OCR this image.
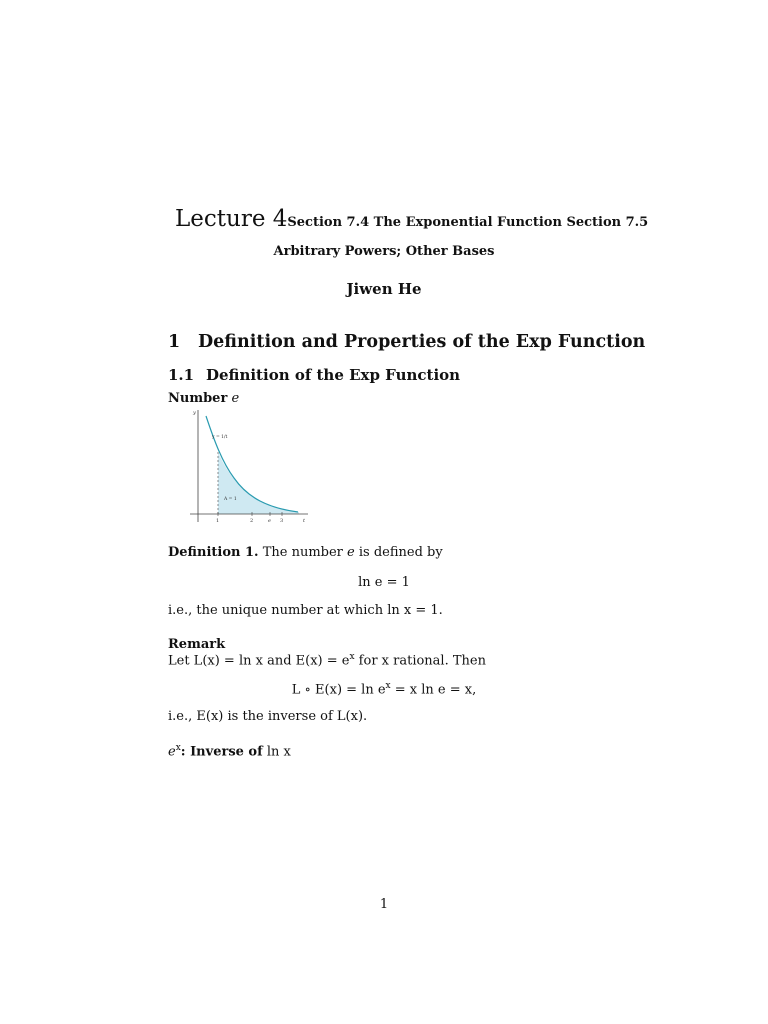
Lecture 4Section 7.4 The Exponential Function Section 7.5
Arbitrary Powers; Other Bases
Jiwen He
1 Definition and Properties of the Exp Function
1.1 Definition of the Exp Function
Number e
y
t
y = 1/t
A = 1
1	2	e 3
Definition 1. The number e is defined by
ln e = 1
i.e., the unique number at which ln x = 1.
Remark
Let L(x) = ln x and $E(x) = e^x$ for x rational. Then
L ∘ $E(x) = \ln e^x = x$ ln e = x,
i.e., E(x) is the inverse of L(x).
$e^x$: Inverse of ln x
1
